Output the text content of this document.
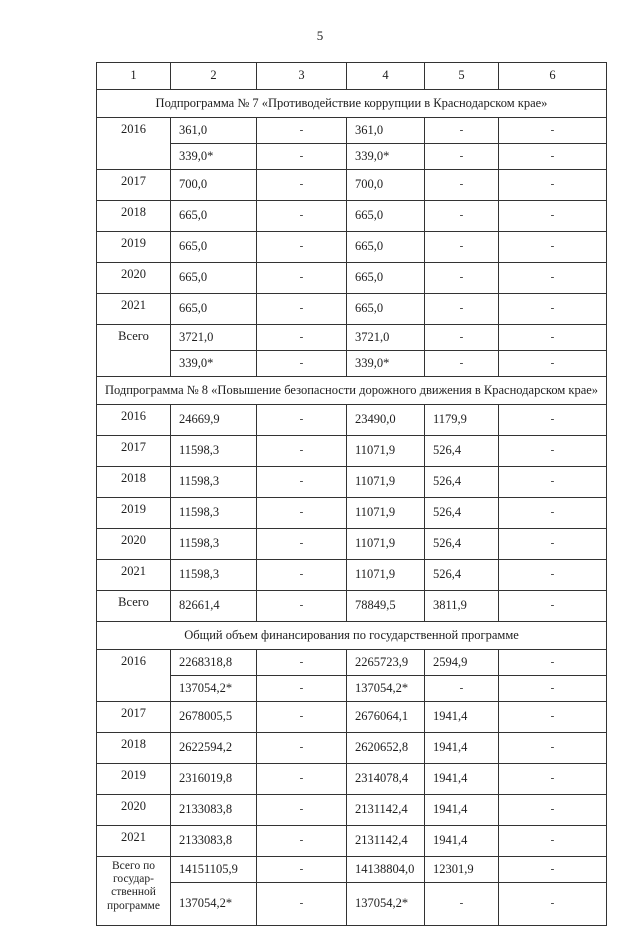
5
1	2	3	4	5	6
Подпрограмма № 7 «Противодействие коррупции в Краснодарском крае»					
2016	361,0	-	361,0	-	-
	339,0*	-	339,0*	-	-
2017	700,0	-	700,0	-	-
2018	665,0	-	665,0	-	-
2019	665,0	-	665,0	-	-
2020	665,0	-	665,0	-	-
2021	665,0	-	665,0	-	-
Всего	3721,0	-	3721,0	-	-
	339,0*	-	339,0*	-	-
Подпрограмма № 8 «Повышение безопасности дорожного движения в Краснодарском крае»					
2016	24669,9	-	23490,0	1179,9	-
2017	11598,3	-	11071,9	526,4	-
2018	11598,3	-	11071,9	526,4	-
2019	11598,3	-	11071,9	526,4	-
2020	11598,3	-	11071,9	526,4	-
2021	11598,3	-	11071,9	526,4	-
Всего	82661,4	-	78849,5	3811,9	-
Общий объем финансирования по государственной программе					
2016	2268318,8	-	2265723,9	2594,9	-
	137054,2*	-	137054,2*	-	-
2017	2678005,5	-	2676064,1	1941,4	-
2018	2622594,2	-	2620652,8	1941,4	-
2019	2316019,8	-	2314078,4	1941,4	-
2020	2133083,8	-	2131142,4	1941,4	-
2021	2133083,8	-	2131142,4	1941,4	-
Всего по государ-ственной программе	14151105,9	-	14138804,0	12301,9	-
	137054,2*	-	137054,2*	-	-
